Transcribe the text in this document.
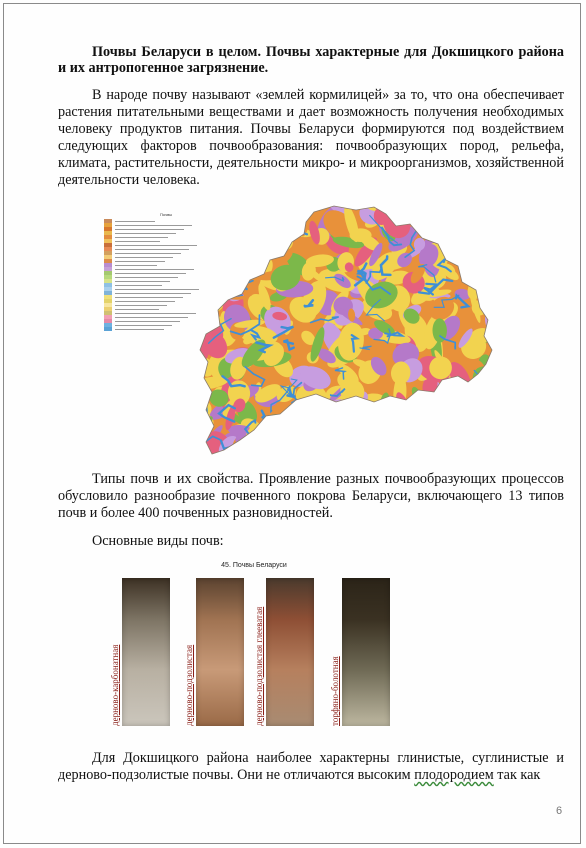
Почвы Беларуси в целом. Почвы характерные для Докшицкого района и их антропогенное загрязнение.
В народе почву называют «землей кормилицей» за то, что она обеспечивает растения питательными веществами и дает возможность получения необходимых человеку продуктов питания. Почвы Беларуси формируются под воздействием следующих факторов почвообразования: почвообразующих пород, рельефа, климата, растительности, деятельности микро- и микроорганизмов, хозяйственной деятельности человека.
Почвы
Типы почв и их свойства. Проявление разных почвообразующих процессов обусловило разнообразие почвенного покрова Беларуси, включающего 13 типов почв и более 400 почвенных разновидностей.
Основные виды почв:
45. Почвы Беларуси
дерново-карбонатная	дерново-подзолистая	дерново-подзолистая глееватая	торфяно-болотная
Для Докшицкого района наиболее характерны глинистые, суглинистые и дерново-подзолистые почвы. Они не отличаются высоким плодородием так как
6
